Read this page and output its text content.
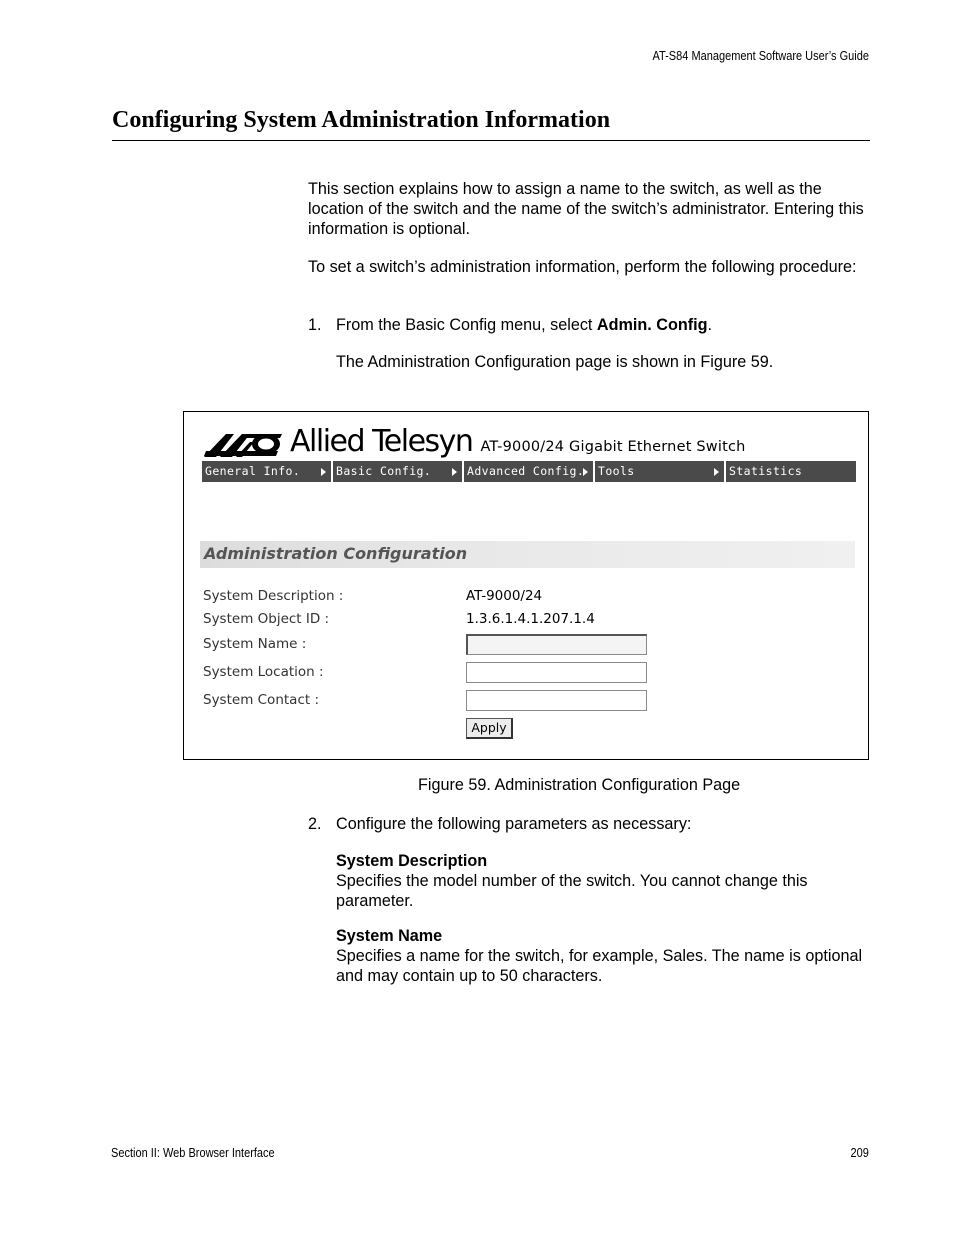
AT-S84 Management Software User’s Guide
Configuring System Administration Information
This section explains how to assign a name to the switch, as well as the location of the switch and the name of the switch’s administrator. Entering this information is optional.
To set a switch’s administration information, perform the following procedure:
1. From the Basic Config menu, select Admin. Config.
The Administration Configuration page is shown in Figure 59.
Allied Telesyn AT-9000/24 Gigabit Ethernet Switch
General Info.	Basic Config.	Advanced Config.	Tools	Statistics
Administration Configuration
System Description :	AT-9000/24
System Object ID :	1.3.6.1.4.1.207.1.4
System Name :
System Location :
System Contact :
Apply
Figure 59. Administration Configuration Page
2. Configure the following parameters as necessary:
System Description
Specifies the model number of the switch. You cannot change this parameter.
System Name
Specifies a name for the switch, for example, Sales. The name is optional and may contain up to 50 characters.
Section II: Web Browser Interface	209
